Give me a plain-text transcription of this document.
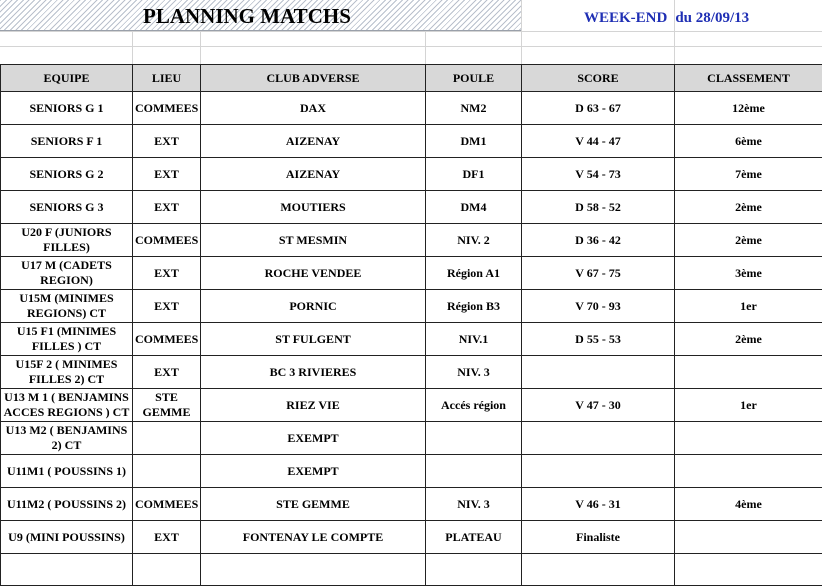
PLANNING MATCHS	WEEK-END du 28/09/13
EQUIPE	LIEU	CLUB ADVERSE	POULE	SCORE	CLASSEMENT
SENIORS G 1	COMMEES	DAX	NM2	D 63 - 67	12ème
SENIORS F 1	EXT	AIZENAY	DM1	V 44 - 47	6ème
SENIORS G 2	EXT	AIZENAY	DF1	V 54 - 73	7ème
SENIORS G 3	EXT	MOUTIERS	DM4	D 58 - 52	2ème
U20 F (JUNIORS FILLES)	COMMEES	ST MESMIN	NIV. 2	D 36 - 42	2ème
U17 M (CADETS REGION)	EXT	ROCHE VENDEE	Région A1	V 67 - 75	3ème
U15M (MINIMES REGIONS) CT	EXT	PORNIC	Région B3	V 70 - 93	1er
U15 F1 (MINIMES FILLES ) CT	COMMEES	ST FULGENT	NIV.1	D 55 - 53	2ème
U15F 2 ( MINIMES FILLES 2) CT	EXT	BC 3 RIVIERES	NIV. 3		
U13 M 1 ( BENJAMINS ACCES REGIONS ) CT	STE GEMME	RIEZ VIE	Accés région	V 47 - 30	1er
U13 M2 ( BENJAMINS 2) CT		EXEMPT			
U11M1 ( POUSSINS 1)		EXEMPT			
U11M2 ( POUSSINS 2)	COMMEES	STE GEMME	NIV. 3	V 46 - 31	4ème
U9 (MINI POUSSINS)	EXT	FONTENAY LE COMPTE	PLATEAU	Finaliste	
